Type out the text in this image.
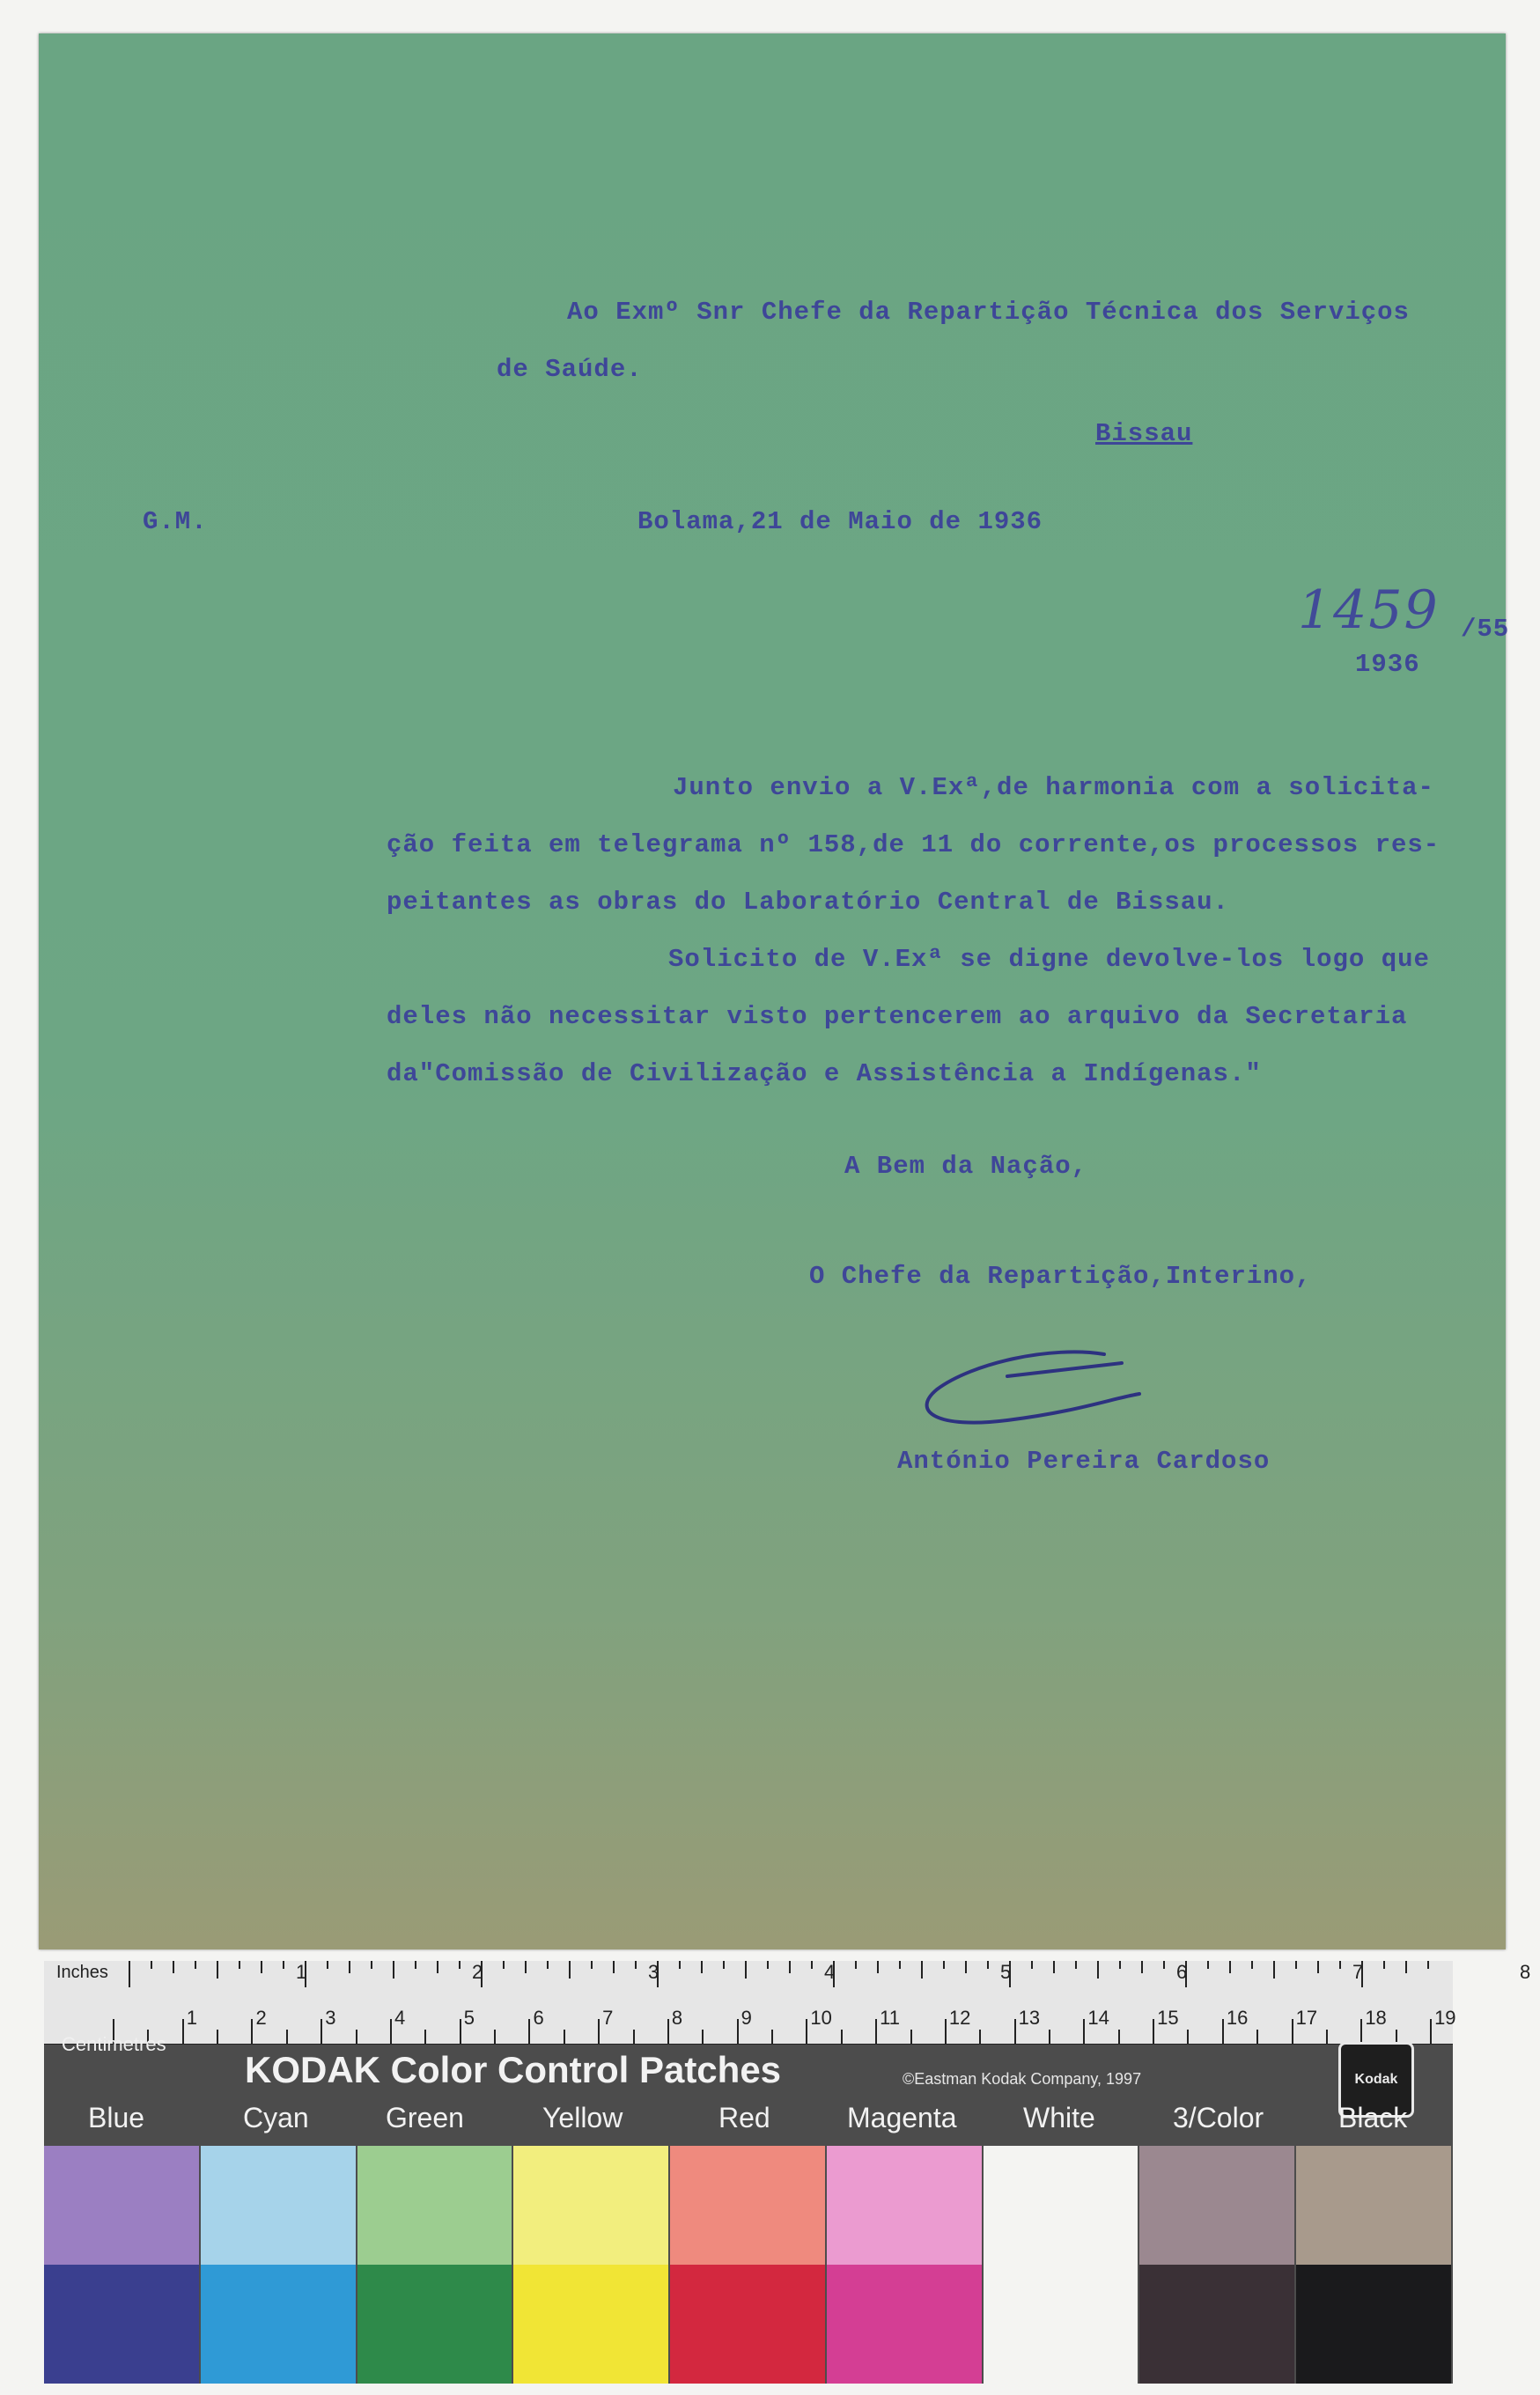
Ao Exmº Snr Chefe da Repartição Técnica dos Serviços
de Saúde.
Bissau
G.M.	Bolama,21 de Maio de 1936
1459 /55
1936
Junto envio a V.Exª,de harmonia com a solicita-
ção feita em telegrama nº 158,de 11 do corrente,os processos res-
peitantes as obras do Laboratório Central de Bissau.
Solicito de V.Exª se digne devolve-los logo que
deles não necessitar visto pertencerem ao arquivo da Secretaria
da"Comissão de Civilização e Assistência a Indígenas."
A Bem da Nação,
O Chefe da Repartição,Interino,
António Pereira Cardoso
Inches	1	2	3	4	5	6	7	8
1	2	3	4	5	6	7	8	9	10 11	12 13 14 15 16 17 18 19
Centimetres
KODAK Color Control Patches	©Eastman Kodak Company, 1997	Kodak
Blue	Cyan	Green	Yellow	Red	Magenta White	3/Color	Black
